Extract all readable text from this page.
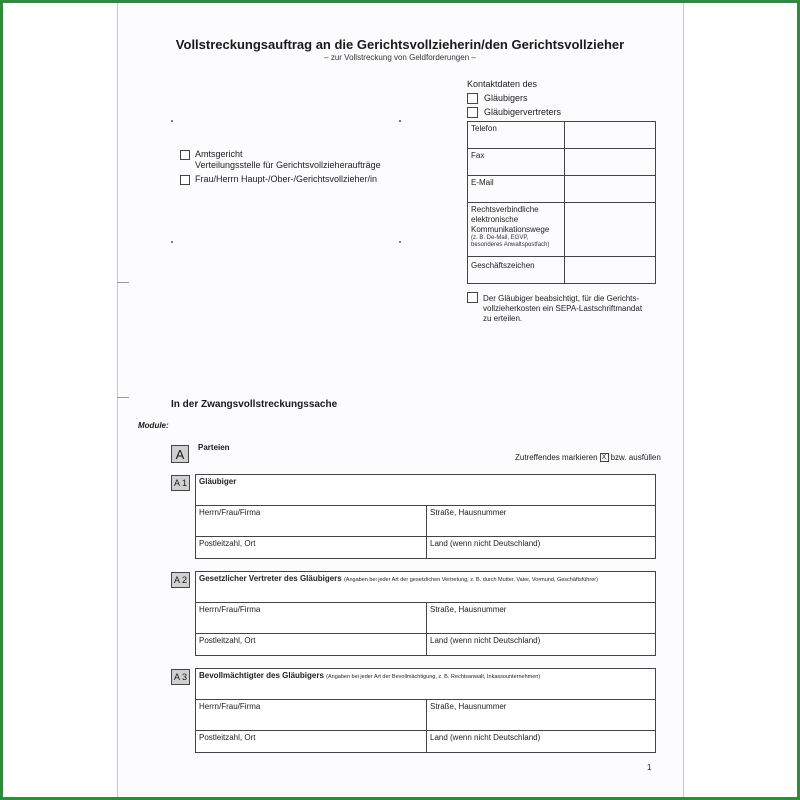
Vollstreckungsauftrag an die Gerichtsvollzieherin/den Gerichtsvollzieher
– zur Vollstreckung von Geldforderungen –
Amtsgericht
Verteilungsstelle für Gerichtsvollzieheraufträge
Frau/Herrn Haupt-/Ober-/Gerichtsvollzieher/in
Kontaktdaten des
Gläubigers
Gläubigervertreters
Telefon	
Fax	
E-Mail	

Rechtsverbindliche
elektronische
Kommunikationswege
(z. B. De-Mail, EGVP,
besonderes Anwaltspostfach)	

Geschäftszeichen	
Der Gläubiger beabsichtigt, für die Gerichts-
vollzieherkosten ein SEPA-Lastschriftmandat
zu erteilen.
In der Zwangsvollstreckungssache
Module:
A	Parteien
Zutreffendes markieren X bzw. ausfüllen
A 1	Gläubiger
Herrn/Frau/Firma	Straße, Hausnummer
Postleitzahl, Ort	Land (wenn nicht Deutschland)
A 2	Gesetzlicher Vertreter des Gläubigers (Angaben bei jeder Art der gesetzlichen Vertretung, z. B. durch Mutter, Vater, Vormund, Geschäftsführer)
Herrn/Frau/Firma	Straße, Hausnummer
Postleitzahl, Ort	Land (wenn nicht Deutschland)
A 3	Bevollmächtigter des Gläubigers (Angaben bei jeder Art der Bevollmächtigung, z. B. Rechtsanwalt, Inkassounternehmen)
Herrn/Frau/Firma	Straße, Hausnummer
Postleitzahl, Ort	Land (wenn nicht Deutschland)
1
